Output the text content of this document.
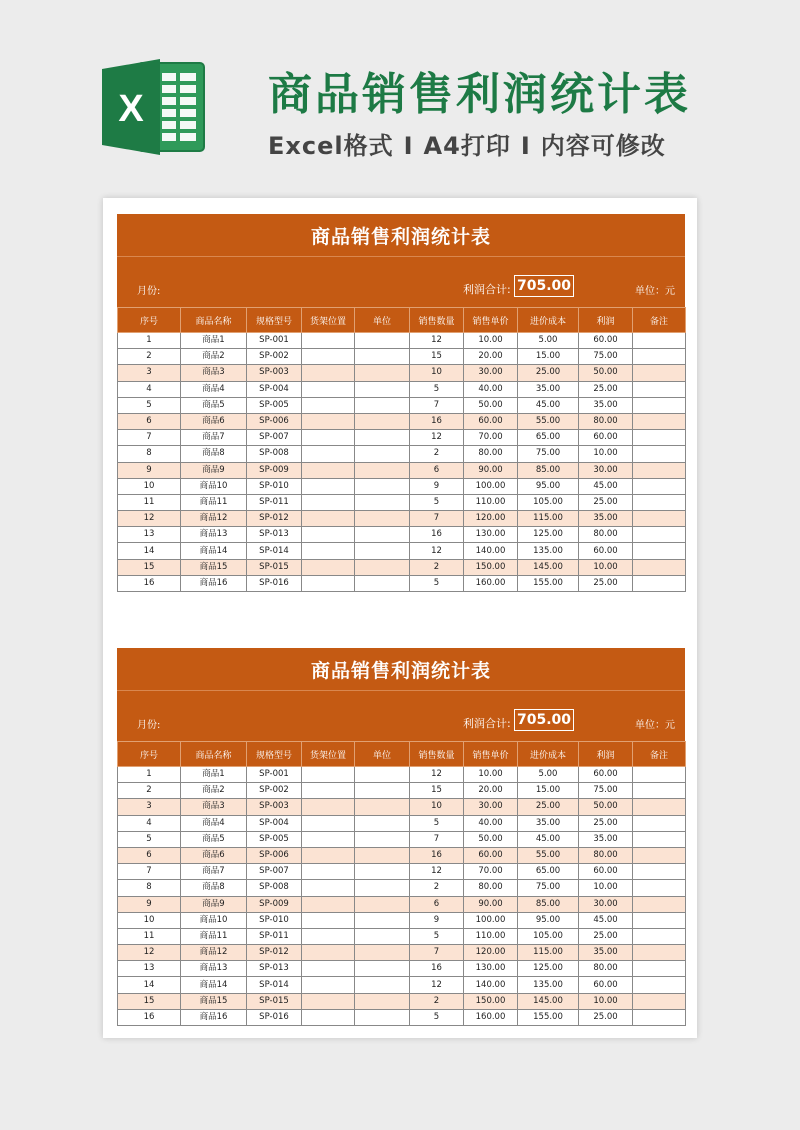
X	商品销售利润统计表
Excel格式 I A4打印 I 内容可修改
商品销售利润统计表
月份:	利润合计: 705.00	单位：元
序号	商品名称	规格型号	货架位置	单位	销售数量	销售单价	进价成本	利润	备注
1	商品1	SP-001			12	10.00	5.00	60.00	
2	商品2	SP-002			15	20.00	15.00	75.00	
3	商品3	SP-003			10	30.00	25.00	50.00	
4	商品4	SP-004			5	40.00	35.00	25.00	
5	商品5	SP-005			7	50.00	45.00	35.00	
6	商品6	SP-006			16	60.00	55.00	80.00	
7	商品7	SP-007			12	70.00	65.00	60.00	
8	商品8	SP-008			2	80.00	75.00	10.00	
9	商品9	SP-009			6	90.00	85.00	30.00	
10	商品10	SP-010			9	100.00	95.00	45.00	
11	商品11	SP-011			5	110.00	105.00	25.00	
12	商品12	SP-012			7	120.00	115.00	35.00	
13	商品13	SP-013			16	130.00	125.00	80.00	
14	商品14	SP-014			12	140.00	135.00	60.00	
15	商品15	SP-015			2	150.00	145.00	10.00	
16	商品16	SP-016			5	160.00	155.00	25.00	
商品销售利润统计表
月份:	利润合计: 705.00	单位：元
序号	商品名称	规格型号	货架位置	单位	销售数量	销售单价	进价成本	利润	备注
1	商品1	SP-001			12	10.00	5.00	60.00	
2	商品2	SP-002			15	20.00	15.00	75.00	
3	商品3	SP-003			10	30.00	25.00	50.00	
4	商品4	SP-004			5	40.00	35.00	25.00	
5	商品5	SP-005			7	50.00	45.00	35.00	
6	商品6	SP-006			16	60.00	55.00	80.00	
7	商品7	SP-007			12	70.00	65.00	60.00	
8	商品8	SP-008			2	80.00	75.00	10.00	
9	商品9	SP-009			6	90.00	85.00	30.00	
10	商品10	SP-010			9	100.00	95.00	45.00	
11	商品11	SP-011			5	110.00	105.00	25.00	
12	商品12	SP-012			7	120.00	115.00	35.00	
13	商品13	SP-013			16	130.00	125.00	80.00	
14	商品14	SP-014			12	140.00	135.00	60.00	
15	商品15	SP-015			2	150.00	145.00	10.00	
16	商品16	SP-016			5	160.00	155.00	25.00	
